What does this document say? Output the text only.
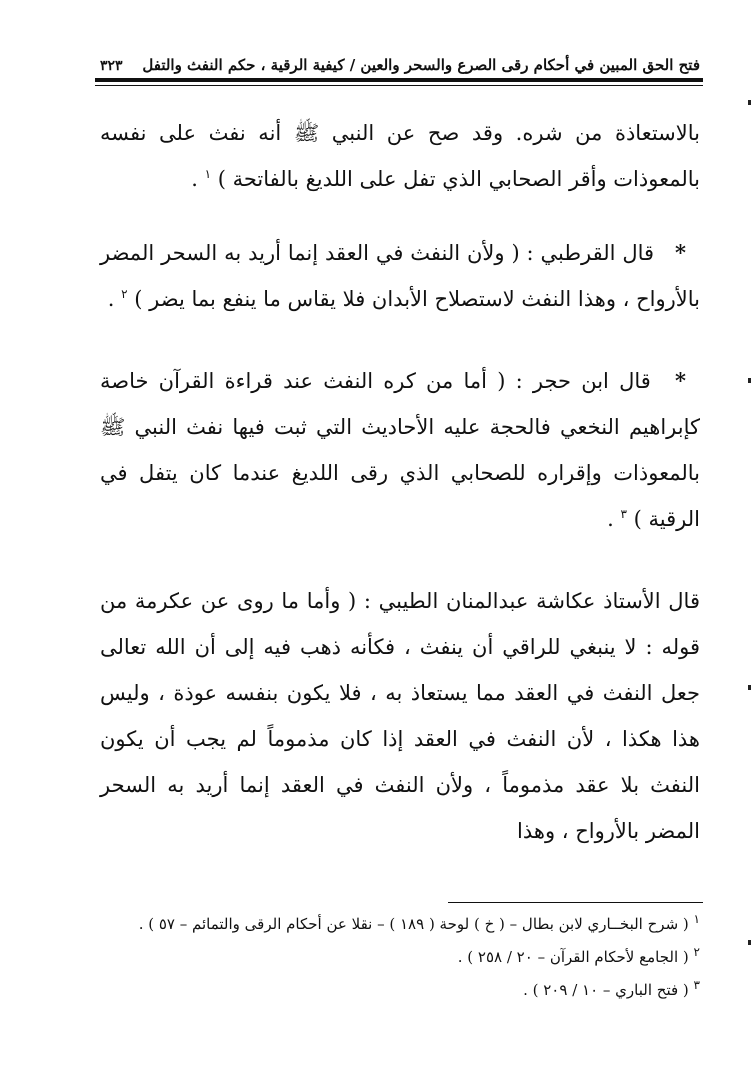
فتح الحق المبين في أحكام رقى الصرع والسحر والعين / كيفية الرقية ، حكم النفث والتفل
٣٢٣
بالاستعاذة من شره. وقد صح عن النبي ﷺ أنه نفث على نفسه بالمعوذات وأقر الصحابي الذي تفل على اللديغ بالفاتحة ) $^١$ .
* قال القرطبي : ( ولأن النفث في العقد إنما أريد به السحر المضر بالأرواح ، وهذا النفث لاستصلاح الأبدان فلا يقاس ما ينفع بما يضر ) $^٢$ .
* قال ابن حجر : ( أما من كره النفث عند قراءة القرآن خاصة كإبراهيم النخعي فالحجة عليه الأحاديث التي ثبت فيها نفث النبي ﷺ بالمعوذات وإقراره للصحابي الذي رقى اللديغ عندما كان يتفل في الرقية ) $^٣$ .
قال الأستاذ عكاشة عبدالمنان الطيبي : ( وأما ما روى عن عكرمة من قوله : لا ينبغي للراقي أن ينفث ، فكأنه ذهب فيه إلى أن الله تعالى جعل النفث في العقد مما يستعاذ به ، فلا يكون بنفسه عوذة ، وليس هذا هكذا ، لأن النفث في العقد إذا كان مذموماً لم يجب أن يكون النفث بلا عقد مذموماً ، ولأن النفث في العقد إنما أريد به السحر المضر بالأرواح ، وهذا

$^١$ ( شرح البخــاري لابن بطال – ( خ ) لوحة ( ١٨٩ ) – نقلا عن أحكام الرقى والتمائم – ٥٧ ) .

$^٢$ ( الجامع لأحكام القرآن – ٢٠ / ٢٥٨ ) .

$^٣$ ( فتح الباري – ١٠ / ٢٠٩ ) .
